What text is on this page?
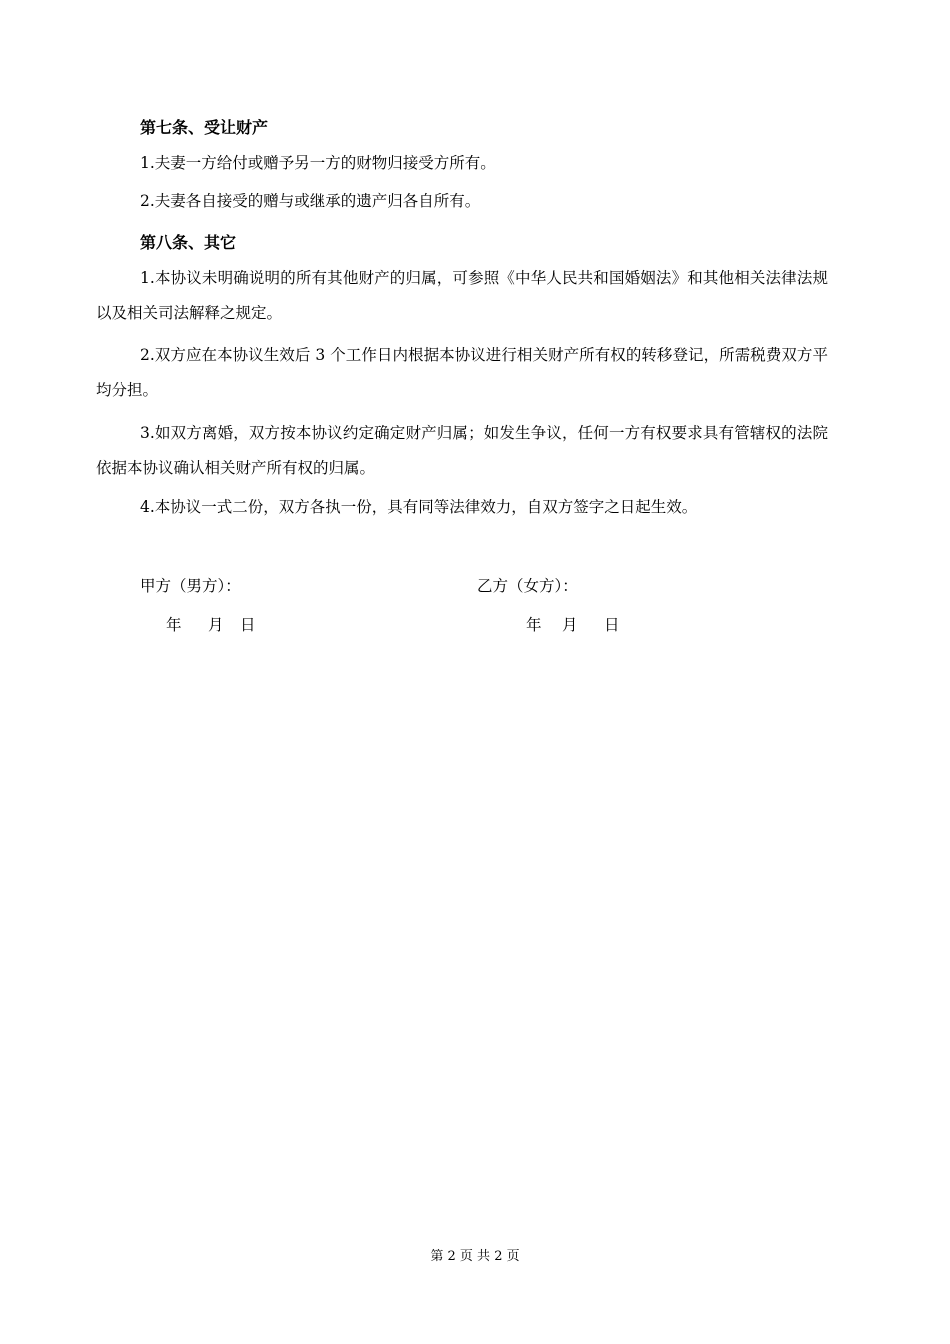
第七条、受让财产
1.夫妻一方给付或赠予另一方的财物归接受方所有。
2.夫妻各自接受的赠与或继承的遗产归各自所有。
第八条、其它
1.本协议未明确说明的所有其他财产的归属，可参照《中华人民共和国婚姻法》和其他相关法律法规以及相关司法解释之规定。
2.双方应在本协议生效后 3 个工作日内根据本协议进行相关财产所有权的转移登记，所需税费双方平均分担。
3.如双方离婚，双方按本协议约定确定财产归属；如发生争议，任何一方有权要求具有管辖权的法院依据本协议确认相关财产所有权的归属。
4.本协议一式二份，双方各执一份，具有同等法律效力，自双方签字之日起生效。
甲方（男方）：
年 月 日
乙方（女方）：
年 月 日
第 2 页 共 2 页
